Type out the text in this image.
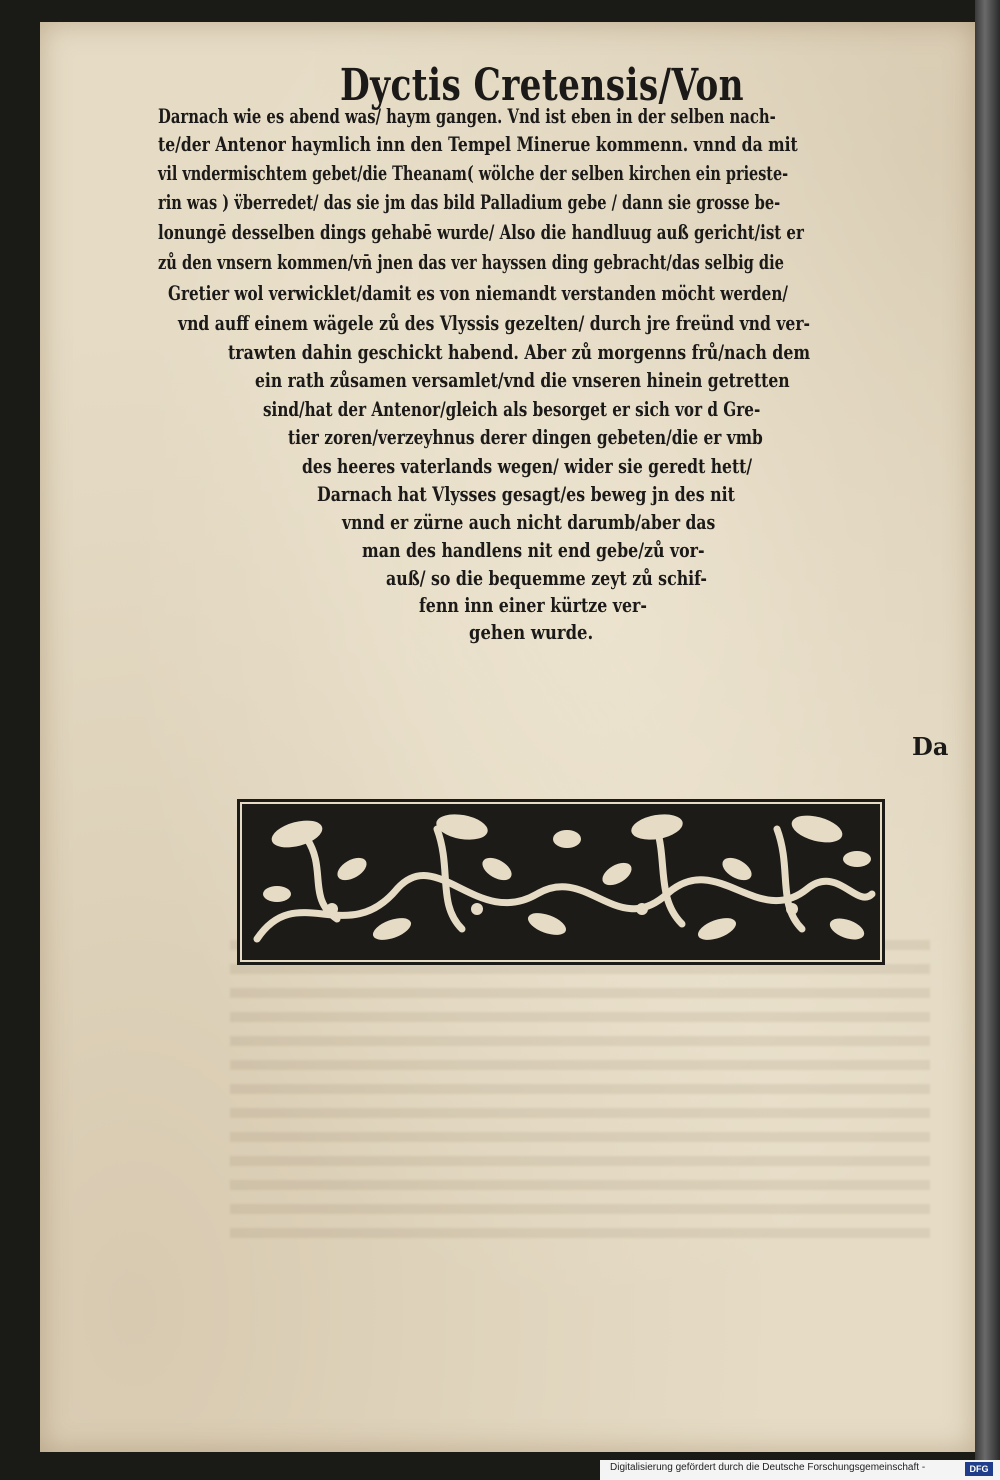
Dyctis Cretensis/Von
Darnach wie es abend was/ haym gangen. Vnd ist eben in der selben nach-
te/der Antenor haymlich inn den Tempel Minerue kommenn. vnnd da mit
vil vndermischtem gebet/die Theanam( wölche der selben kirchen ein prieste-
rin was ) v̈berredet/ das sie jm das bild Palladium gebe / dann sie grosse be-
lonungē desselben dings gehabē wurde/ Also die handluug auß gericht/ist er
zů den vnsern kommen/vn̄ jnen das ver hayssen ding gebracht/das selbig die
Gretier wol verwicklet/damit es von niemandt verstanden möcht werden/
vnd auff einem wägele zů des Vlyssis gezelten/ durch jre freünd vnd ver-
trawten dahin geschickt habend. Aber zů morgenns frů/nach dem
ein rath zůsamen versamlet/vnd die vnseren hinein getretten
sind/hat der Antenor/gleich als besorget er sich vor d Gre-
tier zoren/verzeyhnus derer dingen gebeten/die er vmb
des heeres vaterlands wegen/ wider sie geredt hett/
Darnach hat Vlysses gesagt/es beweg jn des nit
vnnd er zürne auch nicht darumb/aber das
man des handlens nit end gebe/zů vor-
auß/ so die bequemme zeyt zů schif-
fenn inn einer kürtze ver-
gehen wurde.
Da
Digitalisierung gefördert durch die Deutsche Forschungsgemeinschaft -	DFG
